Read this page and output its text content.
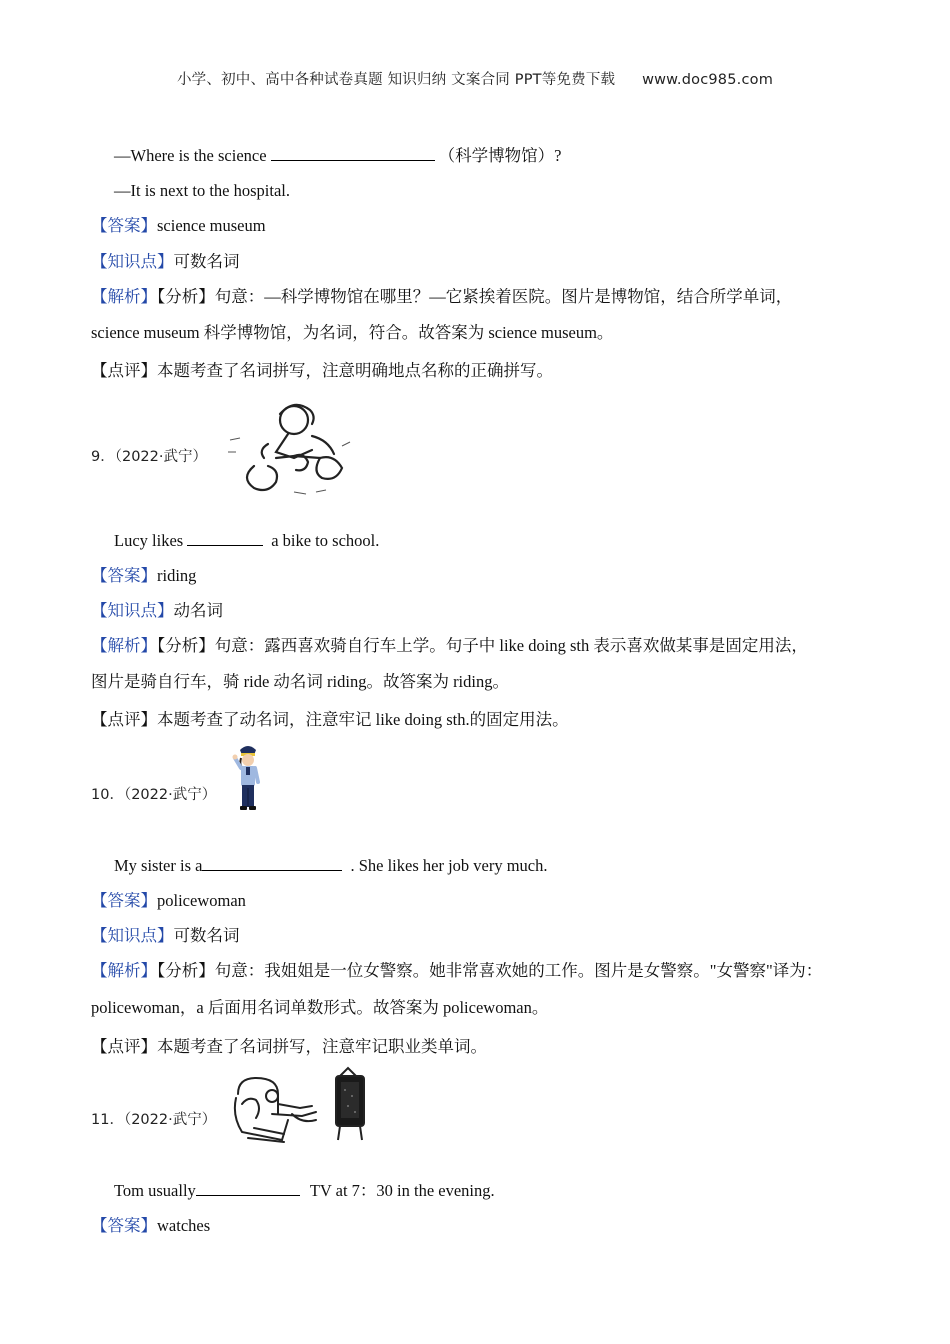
小学、初中、高中各种试卷真题 知识归纳 文案合同 PPT等免费下载 www.doc985.com
—Where is the science	（科学博物馆）?
—It is next to the hospital.
【答案】science museum
【知识点】可数名词
【解析】【分析】句意：—科学博物馆在哪里？—它紧挨着医院。图片是博物馆，结合所学单词，
science museum 科学博物馆，为名词，符合。故答案为 science museum。
【点评】本题考查了名词拼写，注意明确地点名称的正确拼写。
9．（2022·武宁）
Lucy likes	a bike to school.
【答案】riding
【知识点】动名词
【解析】【分析】句意：露西喜欢骑自行车上学。句子中 like doing sth 表示喜欢做某事是固定用法，
图片是骑自行车，骑 ride 动名词 riding。故答案为 riding。
【点评】本题考查了动名词，注意牢记 like doing sth.的固定用法。
10．（2022·武宁）
My sister is a	. She likes her job very much.
【答案】policewoman
【知识点】可数名词
【解析】【分析】句意：我姐姐是一位女警察。她非常喜欢她的工作。图片是女警察。"女警察"译为：
policewoman，a 后面用名词单数形式。故答案为 policewoman。
【点评】本题考查了名词拼写，注意牢记职业类单词。
11．（2022·武宁）
Tom usually	TV at 7：30 in the evening.
【答案】watches
